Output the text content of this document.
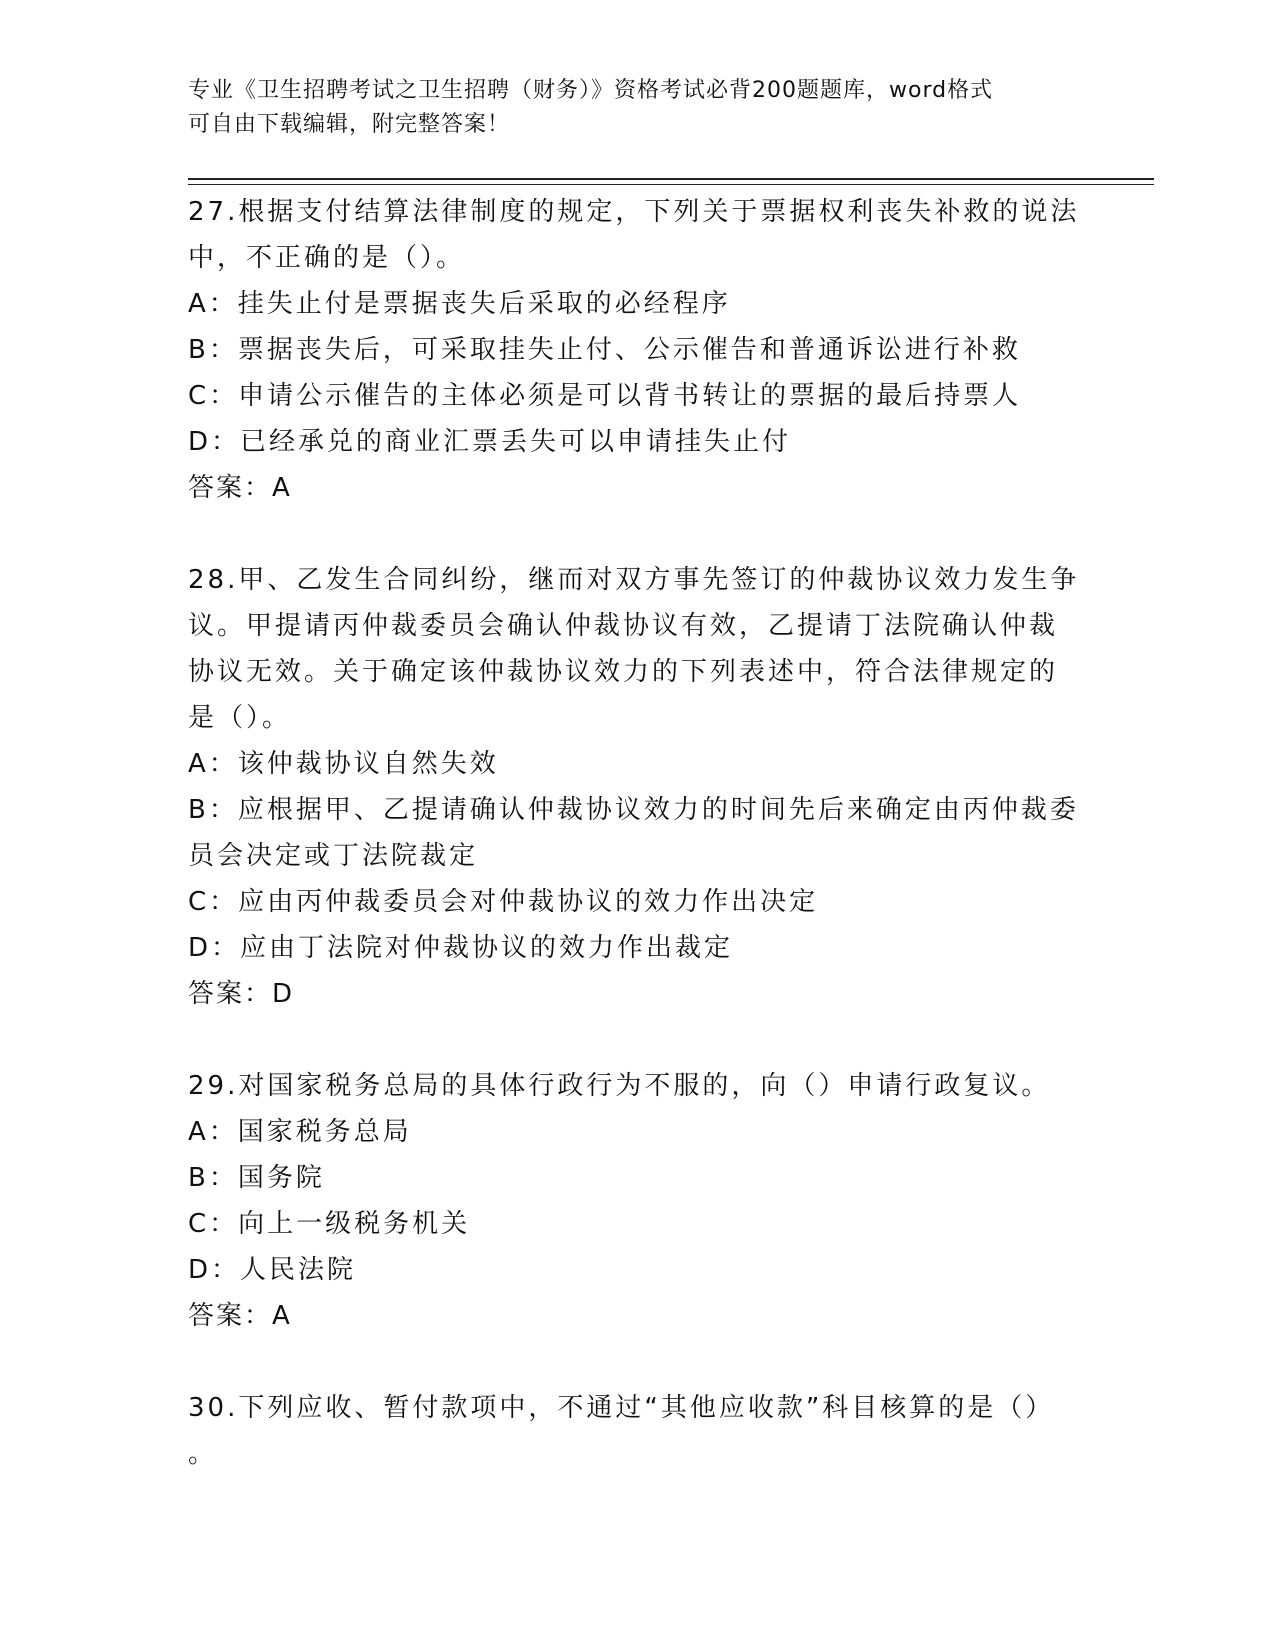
专业《卫生招聘考试之卫生招聘（财务）》资格考试必背200题题库，word格式
可自由下载编辑，附完整答案！
27.根据支付结算法律制度的规定，下列关于票据权利丧失补救的说法
中，不正确的是（）。
A：挂失止付是票据丧失后采取的必经程序
B：票据丧失后，可采取挂失止付、公示催告和普通诉讼进行补救
C：申请公示催告的主体必须是可以背书转让的票据的最后持票人
D：已经承兑的商业汇票丢失可以申请挂失止付
答案：A
28.甲、乙发生合同纠纷，继而对双方事先签订的仲裁协议效力发生争
议。甲提请丙仲裁委员会确认仲裁协议有效，乙提请丁法院确认仲裁
协议无效。关于确定该仲裁协议效力的下列表述中，符合法律规定的
是（）。
A：该仲裁协议自然失效
B：应根据甲、乙提请确认仲裁协议效力的时间先后来确定由丙仲裁委
员会决定或丁法院裁定
C：应由丙仲裁委员会对仲裁协议的效力作出决定
D：应由丁法院对仲裁协议的效力作出裁定
答案：D
29.对国家税务总局的具体行政行为不服的，向（）申请行政复议。
A：国家税务总局
B：国务院
C：向上一级税务机关
D：人民法院
答案：A
30.下列应收、暂付款项中，不通过“其他应收款”科目核算的是（）
。
